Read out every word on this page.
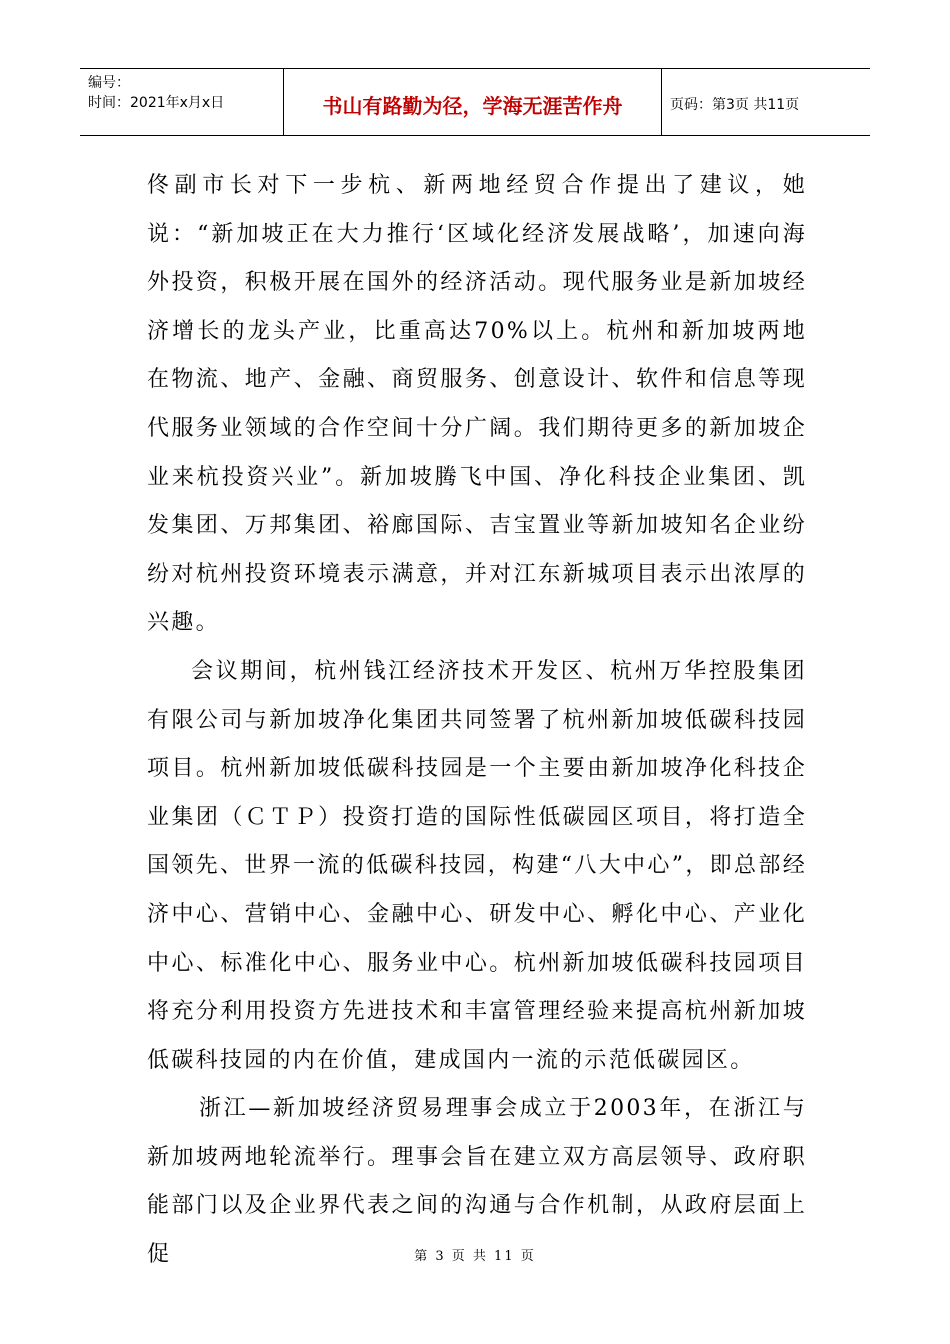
编号：
时间：2021年x月x日	书山有路勤为径，学海无涯苦作舟	页码：第3页 共11页

佟副市长对下一步杭、新两地经贸合作提出了建议，她说：“新加坡正在大力推行‘区域化经济发展战略’，加速向海外投资，积极开展在国外的经济活动。现代服务业是新加坡经济增长的龙头产业，比重高达70%以上。杭州和新加坡两地在物流、地产、金融、商贸服务、创意设计、软件和信息等现代服务业领域的合作空间十分广阔。我们期待更多的新加坡企业来杭投资兴业”。新加坡腾飞中国、净化科技企业集团、凯发集团、万邦集团、裕廊国际、吉宝置业等新加坡知名企业纷纷对杭州投资环境表示满意，并对江东新城项目表示出浓厚的兴趣。

会议期间，杭州钱江经济技术开发区、杭州万华控股集团有限公司与新加坡净化集团共同签署了杭州新加坡低碳科技园项目。杭州新加坡低碳科技园是一个主要由新加坡净化科技企业集团（ＣＴＰ）投资打造的国际性低碳园区项目，将打造全国领先、世界一流的低碳科技园，构建“八大中心”，即总部经济中心、营销中心、金融中心、研发中心、孵化中心、产业化中心、标准化中心、服务业中心。杭州新加坡低碳科技园项目将充分利用投资方先进技术和丰富管理经验来提高杭州新加坡低碳科技园的内在价值，建成国内一流的示范低碳园区。

浙江—新加坡经济贸易理事会成立于2003年，在浙江与新加坡两地轮流举行。理事会旨在建立双方高层领导、政府职能部门以及企业界代表之间的沟通与合作机制，从政府层面上促	第 3 页 共 11 页
